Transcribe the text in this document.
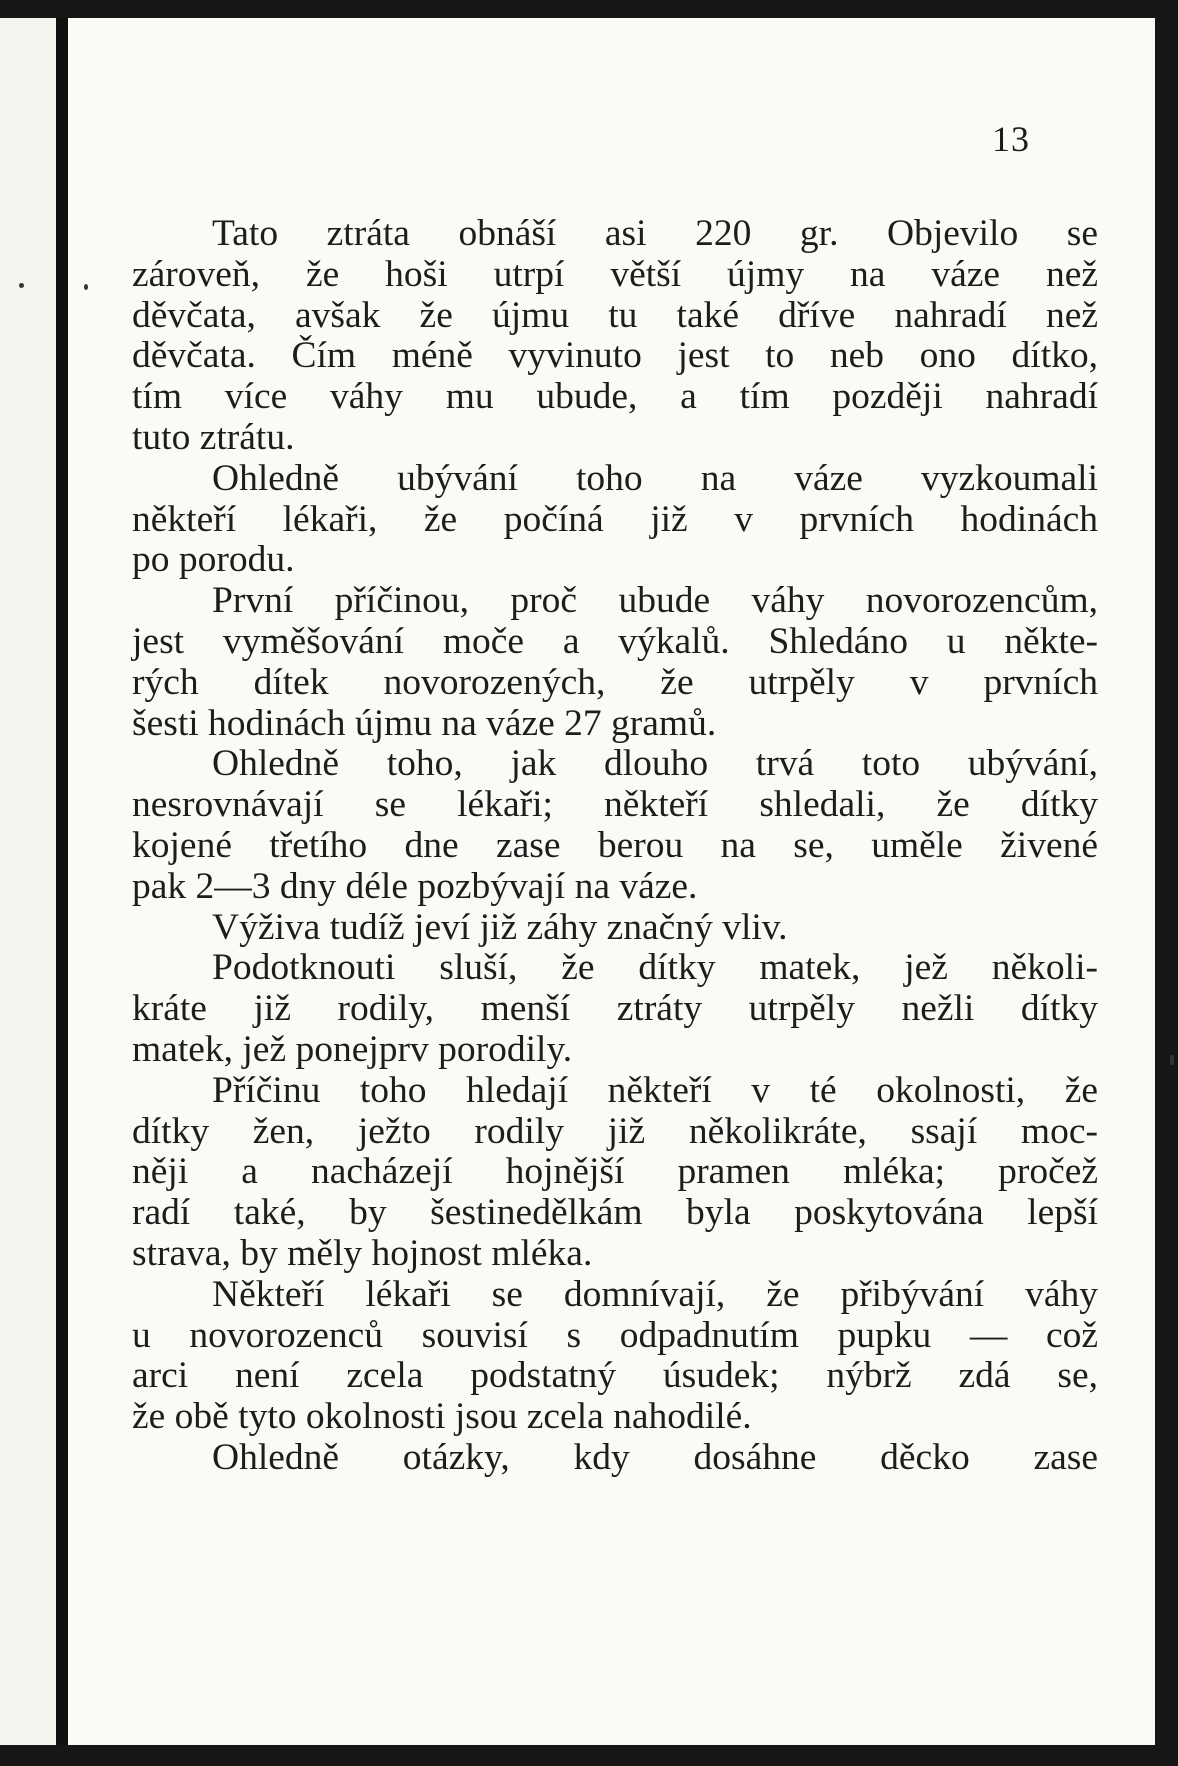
13
Tato ztráta obnáší asi 220 gr. Objevilo se
zároveň, že hoši utrpí větší újmy na váze než
děvčata, avšak že újmu tu také dříve nahradí než
děvčata. Čím méně vyvinuto jest to neb ono dítko,
tím více váhy mu ubude, a tím později nahradí
tuto ztrátu.
Ohledně ubývání toho na váze vyzkoumali
někteří lékaři, že počíná již v prvních hodinách
po porodu.
První příčinou, proč ubude váhy novorozencům,
jest vyměšování moče a výkalů. Shledáno u někte-
rých dítek novorozených, že utrpěly v prvních
šesti hodinách újmu na váze 27 gramů.
Ohledně toho, jak dlouho trvá toto ubývání,
nesrovnávají se lékaři; někteří shledali, že dítky
kojené třetího dne zase berou na se, uměle živené
pak 2—3 dny déle pozbývají na váze.
Výživa tudíž jeví již záhy značný vliv.
Podotknouti sluší, že dítky matek, jež několi-
kráte již rodily, menší ztráty utrpěly nežli dítky
matek, jež ponejprv porodily.
Příčinu toho hledají někteří v té okolnosti, že
dítky žen, ježto rodily již několikráte, ssají moc-
něji a nacházejí hojnější pramen mléka; pročež
radí také, by šestinedělkám byla poskytována lepší
strava, by měly hojnost mléka.
Někteří lékaři se domnívají, že přibývání váhy
u novorozenců souvisí s odpadnutím pupku — což
arci není zcela podstatný úsudek; nýbrž zdá se,
že obě tyto okolnosti jsou zcela nahodilé.
Ohledně otázky, kdy dosáhne děcko zase
